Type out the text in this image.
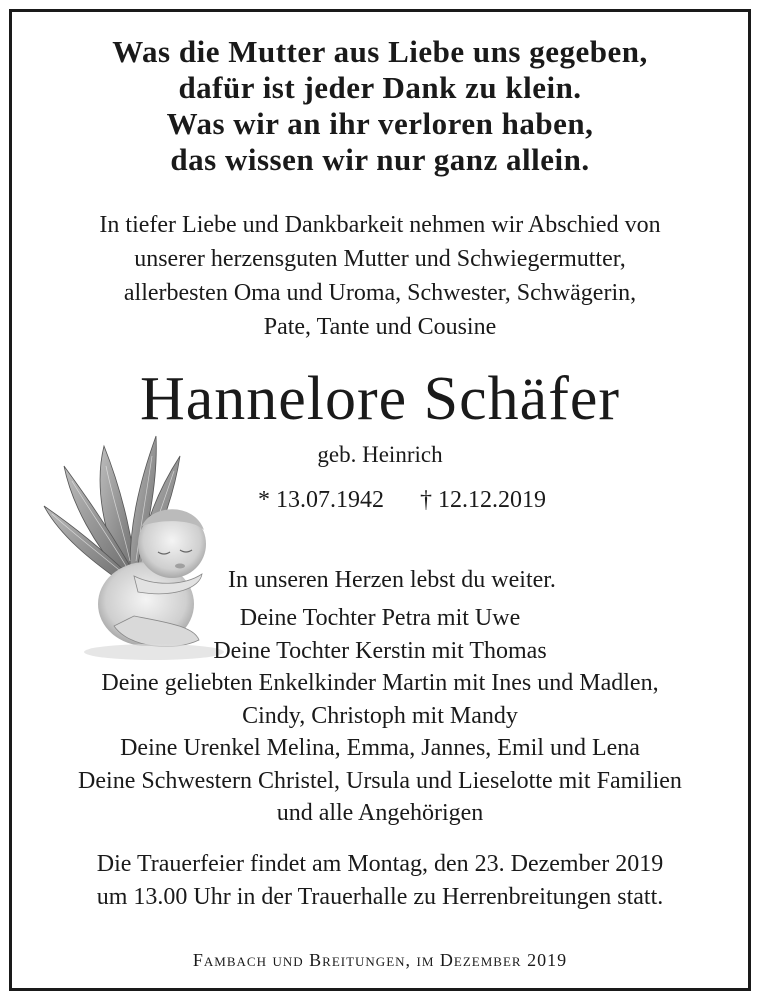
Was die Mutter aus Liebe uns gegeben,
dafür ist jeder Dank zu klein.
Was wir an ihr verloren haben,
das wissen wir nur ganz allein.
In tiefer Liebe und Dankbarkeit nehmen wir Abschied von
unserer herzensguten Mutter und Schwiegermutter,
allerbesten Oma und Uroma, Schwester, Schwägerin,
Pate, Tante und Cousine
Hannelore Schäfer
geb. Heinrich
* 13.07.1942 † 12.12.2019
In unseren Herzen lebst du weiter.
Deine Tochter Petra mit Uwe
Deine Tochter Kerstin mit Thomas
Deine geliebten Enkelkinder Martin mit Ines und Madlen,
Cindy, Christoph mit Mandy
Deine Urenkel Melina, Emma, Jannes, Emil und Lena
Deine Schwestern Christel, Ursula und Lieselotte mit Familien
und alle Angehörigen
Die Trauerfeier findet am Montag, den 23. Dezember 2019
um 13.00 Uhr in der Trauerhalle zu Herrenbreitungen statt.
Fambach und Breitungen, im Dezember 2019
